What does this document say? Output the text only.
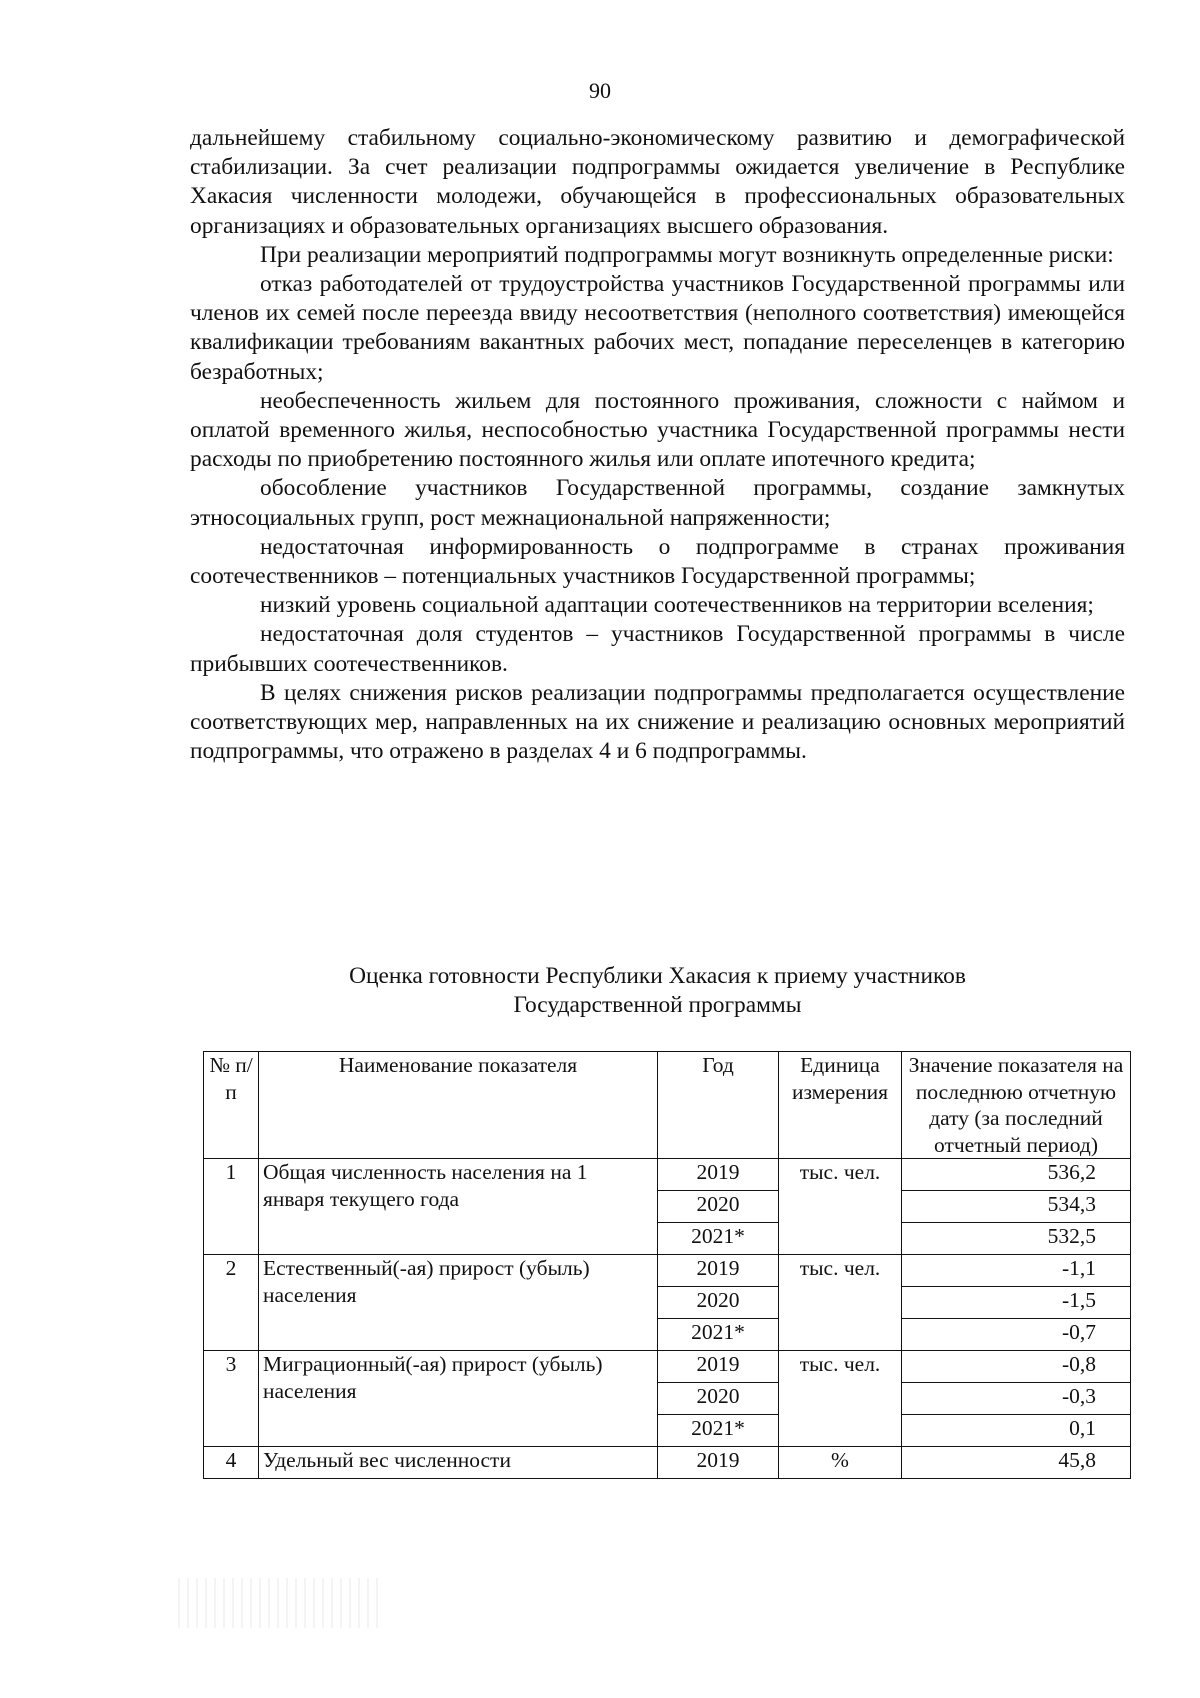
90

дальнейшему стабильному социально-экономическому развитию и демографической стабилизации. За счет реализации подпрограммы ожидается увеличение в Республике Хакасия численности молодежи, обучающейся в профессиональных образовательных организациях и образовательных организациях высшего образования.

При реализации мероприятий подпрограммы могут возникнуть определенные риски:

отказ работодателей от трудоустройства участников Государственной программы или членов их семей после переезда ввиду несоответствия (неполного соответствия) имеющейся квалификации требованиям вакантных рабочих мест, попадание переселенцев в категорию безработных;

необеспеченность жильем для постоянного проживания, сложности с наймом и оплатой временного жилья, неспособностью участника Государственной программы нести расходы по приобретению постоянного жилья или оплате ипотечного кредита;

обособление участников Государственной программы, создание замкнутых этносоциальных групп, рост межнациональной напряженности;

недостаточная информированность о подпрограмме в странах проживания соотечественников – потенциальных участников Государственной программы;

низкий уровень социальной адаптации соотечественников на территории вселения;

недостаточная доля студентов – участников Государственной программы в числе прибывших соотечественников.

В целях снижения рисков реализации подпрограммы предполагается осуществление соответствующих мер, направленных на их снижение и реализацию основных мероприятий подпрограммы, что отражено в разделах 4 и 6 подпрограммы.

Оценка готовности Республики Хакасия к приему участников
Государственной программы
№ п/п	Наименование показателя	Год	Единица измерения	Значение показателя на последнюю отчетную дату (за последний отчетный период)
1	Общая численность населения на 1 января текущего года	2019	тыс. чел.	536,2
		2020		534,3
		2021*		532,5
2	Естественный(-ая) прирост (убыль) населения	2019	тыс. чел.	-1,1
		2020		-1,5
		2021*		-0,7
3	Миграционный(-ая) прирост (убыль) населения	2019	тыс. чел.	-0,8
		2020		-0,3
		2021*		0,1
4	Удельный вес численности	2019	%	45,8
